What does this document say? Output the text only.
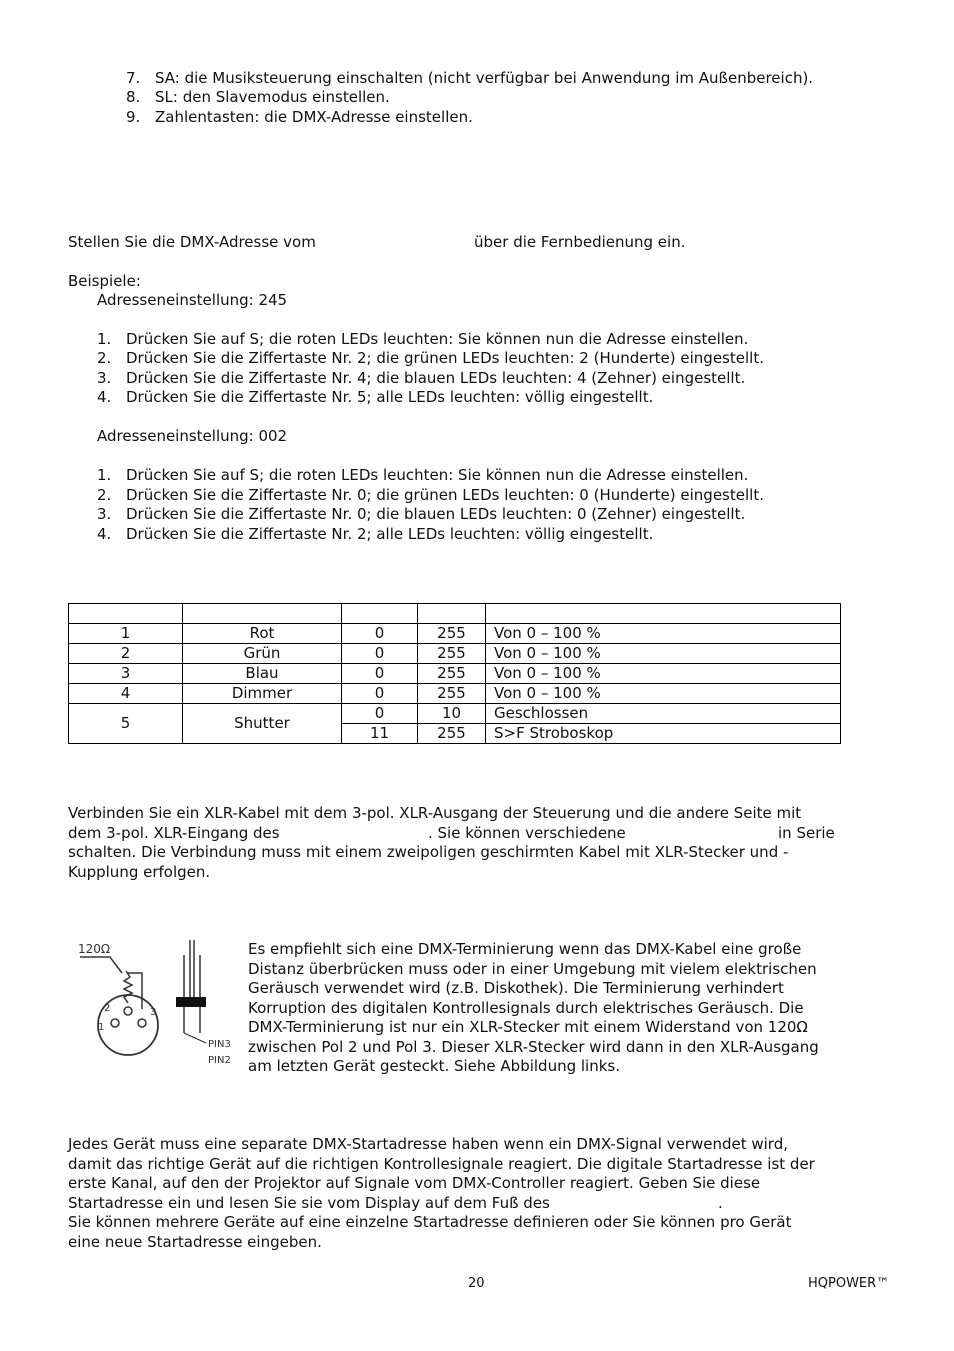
7. SA: die Musiksteuerung einschalten (nicht verfügbar bei Anwendung im Außenbereich).
8. SL: den Slavemodus einstellen.
9. Zahlentasten: die DMX-Adresse einstellen.
Stellen Sie die DMX-Adresse vom	über die Fernbedienung ein.
Beispiele:
Adresseneinstellung: 245
1. Drücken Sie auf S; die roten LEDs leuchten: Sie können nun die Adresse einstellen.
2. Drücken Sie die Ziffertaste Nr. 2; die grünen LEDs leuchten: 2 (Hunderte) eingestellt.
3. Drücken Sie die Ziffertaste Nr. 4; die blauen LEDs leuchten: 4 (Zehner) eingestellt.
4. Drücken Sie die Ziffertaste Nr. 5; alle LEDs leuchten: völlig eingestellt.
Adresseneinstellung: 002
1. Drücken Sie auf S; die roten LEDs leuchten: Sie können nun die Adresse einstellen.
2. Drücken Sie die Ziffertaste Nr. 0; die grünen LEDs leuchten: 0 (Hunderte) eingestellt.
3. Drücken Sie die Ziffertaste Nr. 0; die blauen LEDs leuchten: 0 (Zehner) eingestellt.
4. Drücken Sie die Ziffertaste Nr. 2; alle LEDs leuchten: völlig eingestellt.

1	Rot	0	255	Von 0 – 100 %
2	Grün	0	255	Von 0 – 100 %
3	Blau	0	255	Von 0 – 100 %
4	Dimmer	0	255	Von 0 – 100 %
5	Shutter	0	10	Geschlossen
		11	255	S>F Stroboskop
Verbinden Sie ein XLR-Kabel mit dem 3-pol. XLR-Ausgang der Steuerung und die andere Seite mit
dem 3-pol. XLR-Eingang des	. Sie können verschiedene	in Serie
schalten. Die Verbindung muss mit einem zweipoligen geschirmten Kabel mit XLR-Stecker und -
Kupplung erfolgen.
120Ω
1
2	3
PIN3
PIN2
Es empfiehlt sich eine DMX-Terminierung wenn das DMX-Kabel eine große
Distanz überbrücken muss oder in einer Umgebung mit vielem elektrischen
Geräusch verwendet wird (z.B. Diskothek). Die Terminierung verhindert
Korruption des digitalen Kontrollesignals durch elektrisches Geräusch. Die
DMX-Terminierung ist nur ein XLR-Stecker mit einem Widerstand von 120Ω
zwischen Pol 2 und Pol 3. Dieser XLR-Stecker wird dann in den XLR-Ausgang
am letzten Gerät gesteckt. Siehe Abbildung links.
Jedes Gerät muss eine separate DMX-Startadresse haben wenn ein DMX-Signal verwendet wird,
damit das richtige Gerät auf die richtigen Kontrollesignale reagiert. Die digitale Startadresse ist der
erste Kanal, auf den der Projektor auf Signale vom DMX-Controller reagiert. Geben Sie diese
Startadresse ein und lesen Sie sie vom Display auf dem Fuß des	.
Sie können mehrere Geräte auf eine einzelne Startadresse definieren oder Sie können pro Gerät
eine neue Startadresse eingeben.
20	HQPOWER™
